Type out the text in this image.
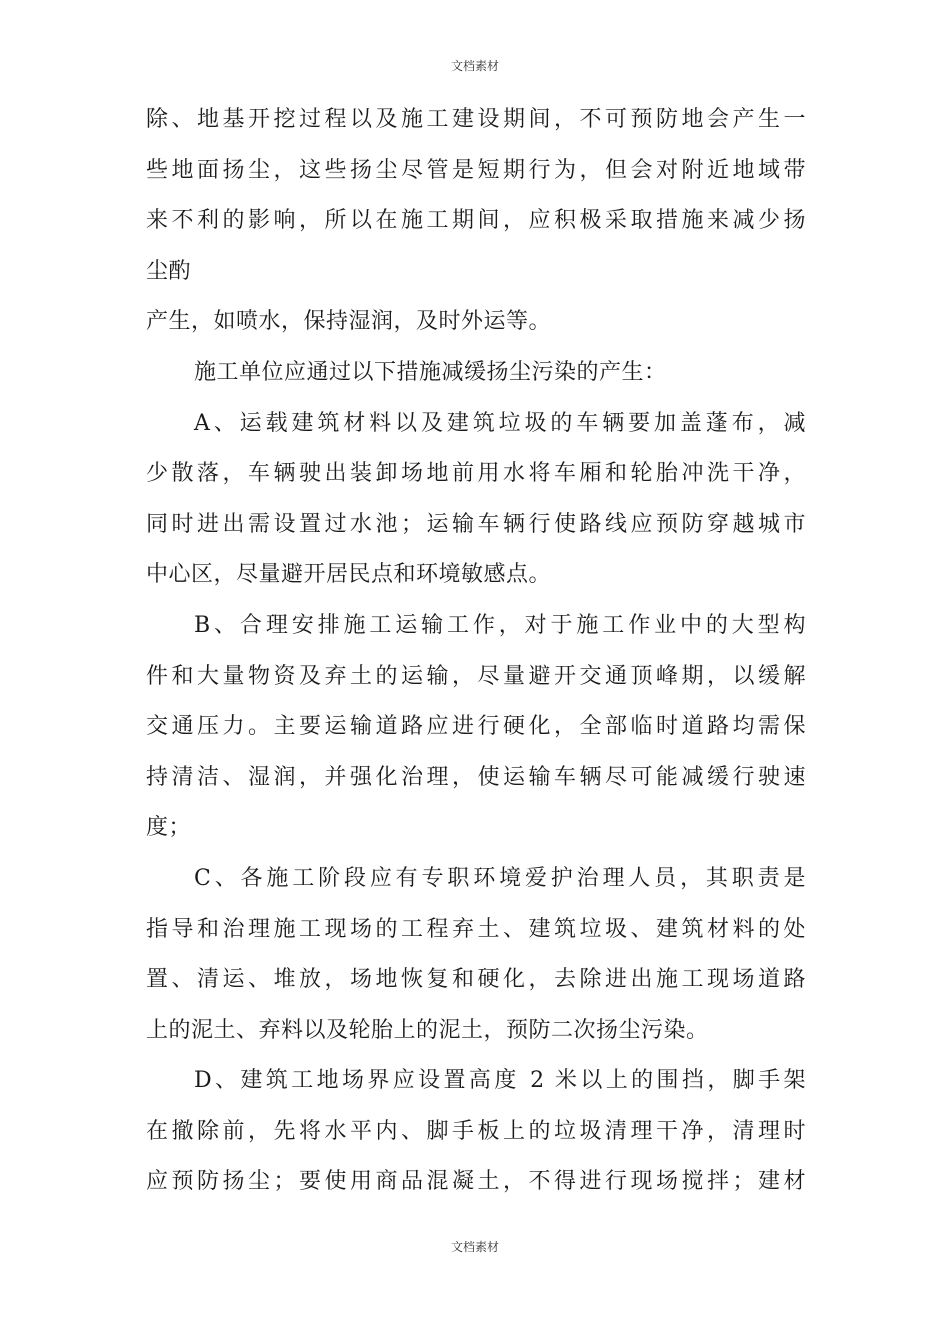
文档素材
除、地基开挖过程以及施工建设期间，不可预防地会产生一
些地面扬尘，这些扬尘尽管是短期行为，但会对附近地域带
来不利的影响，所以在施工期间，应积极采取措施来减少扬
尘酌
产生，如喷水，保持湿润，及时外运等。
施工单位应通过以下措施减缓扬尘污染的产生：
A、运载建筑材料以及建筑垃圾的车辆要加盖蓬布，减
少散落，车辆驶出装卸场地前用水将车厢和轮胎冲洗干净，
同时进出需设置过水池；运输车辆行使路线应预防穿越城市
中心区，尽量避开居民点和环境敏感点。
B、合理安排施工运输工作，对于施工作业中的大型构
件和大量物资及弃土的运输，尽量避开交通顶峰期，以缓解
交通压力。主要运输道路应进行硬化，全部临时道路均需保
持清洁、湿润，并强化治理，使运输车辆尽可能减缓行驶速
度；
C、各施工阶段应有专职环境爱护治理人员，其职责是
指导和治理施工现场的工程弃土、建筑垃圾、建筑材料的处
置、清运、堆放，场地恢复和硬化，去除进出施工现场道路
上的泥土、弃料以及轮胎上的泥土，预防二次扬尘污染。
D、建筑工地场界应设置高度 2 米以上的围挡，脚手架
在撤除前，先将水平内、脚手板上的垃圾清理干净，清理时
应预防扬尘；要使用商品混凝土，不得进行现场搅拌；建材
文档素材
